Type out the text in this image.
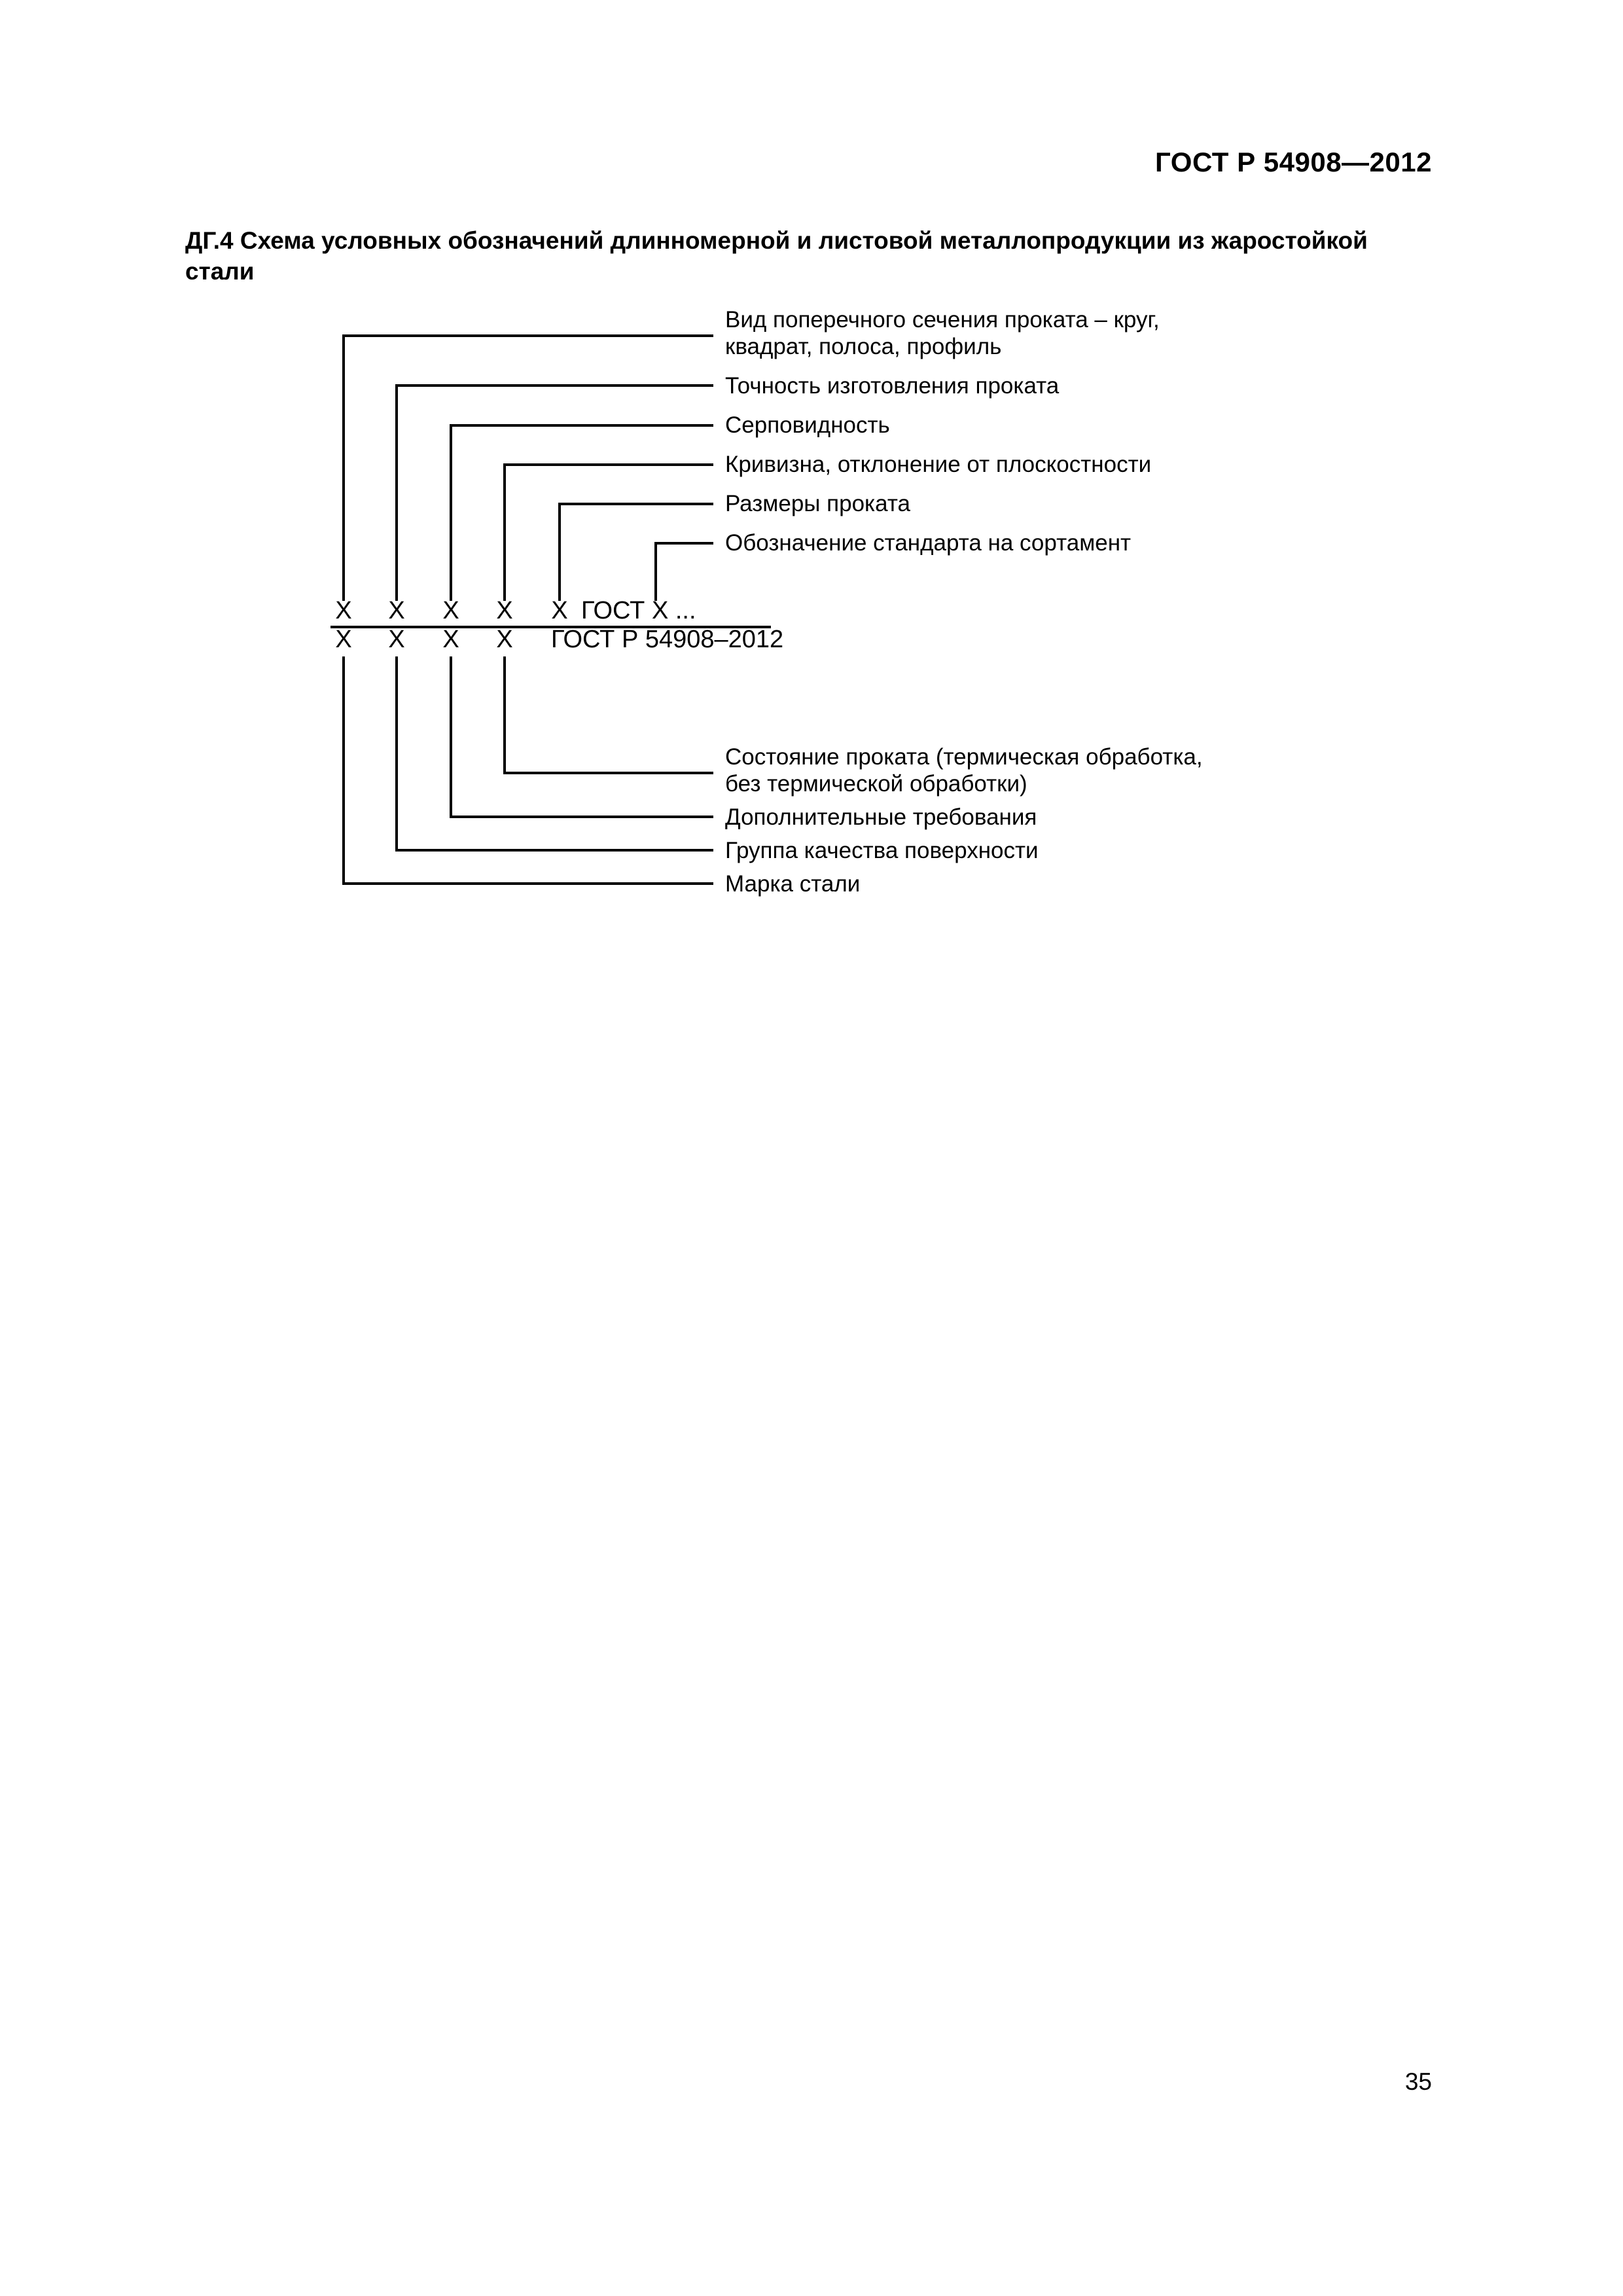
ГОСТ Р 54908—2012
ДГ.4 Схема условных обозначений длинномерной и листовой металлопродукции из жаростойкой стали
Вид поперечного сечения проката – круг, квадрат, полоса, профиль
Точность изготовления проката
Серповидность
Кривизна, отклонение от плоскостности
Размеры проката
Обозначение стандарта на сортамент
Х Х Х Х Х ГОСТ Х ...
Х Х Х Х ГОСТ Р 54908–2012
Состояние проката (термическая обработка, без термической обработки)
Дополнительные требования
Группа качества поверхности
Марка стали
35
